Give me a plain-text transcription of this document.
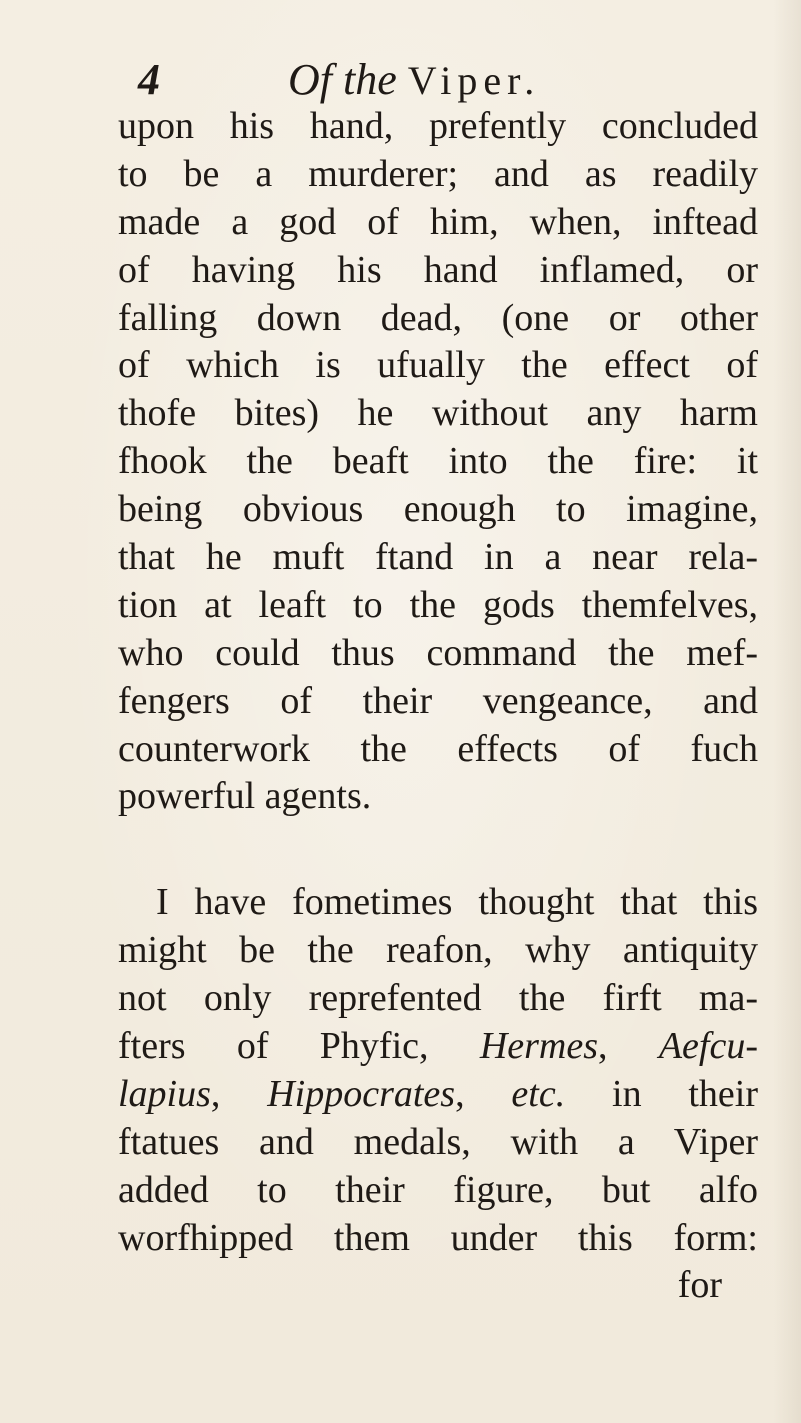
4	Of the Viper.
upon his hand, prefently concluded
to be a murderer; and as readily
made a god of him, when, inftead
of having his hand inflamed, or
falling down dead, (one or other
of which is ufually the effect of
thofe bites) he without any harm
fhook the beaft into the fire: it
being obvious enough to imagine,
that he muft ftand in a near rela-
tion at leaft to the gods themfelves,
who could thus command the mef-
fengers of their vengeance, and
counterwork the effects of fuch
powerful agents.
I have fometimes thought that this
might be the reafon, why antiquity
not only reprefented the firft ma-
fters of Phyfic, Hermes, Aefcu-
lapius, Hippocrates, etc. in their
ftatues and medals, with a Viper
added to their figure, but alfo
worfhipped them under this form:
for
